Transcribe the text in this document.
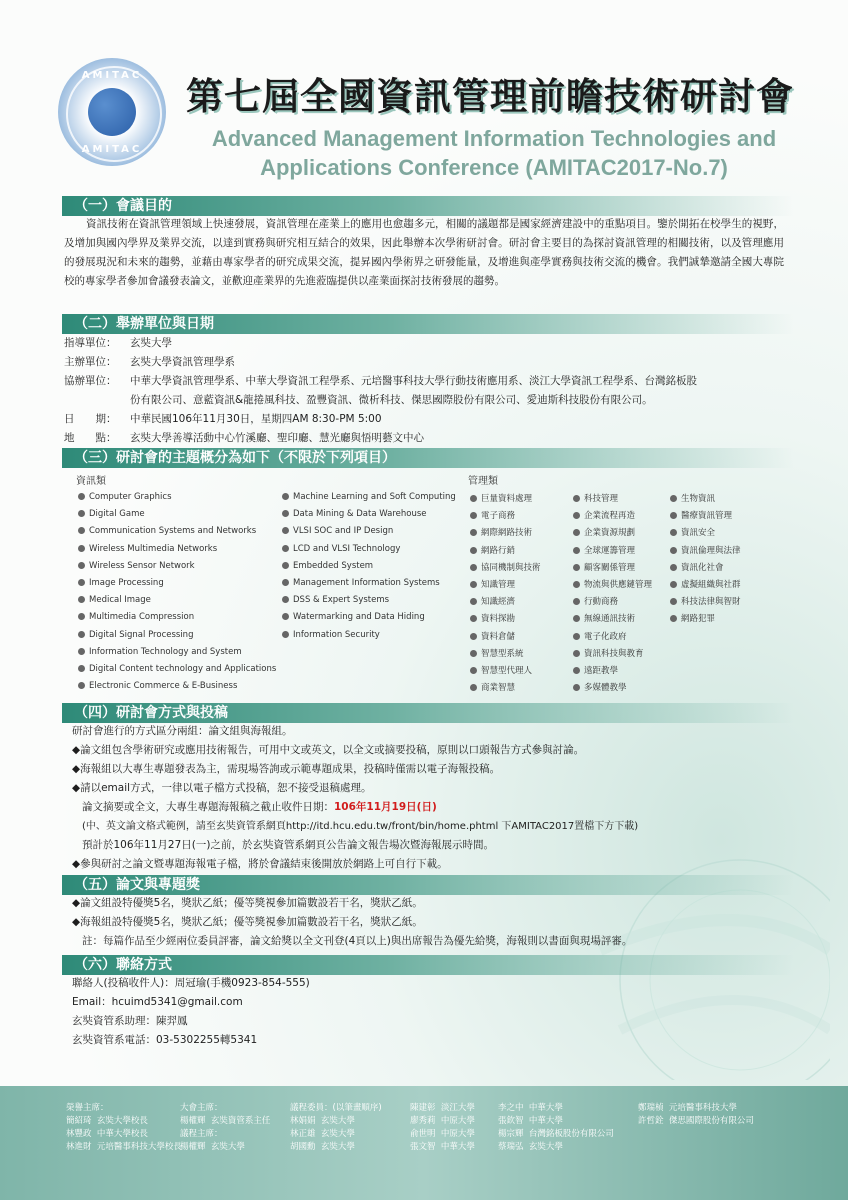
AMITAC
AMITAC
第七屆全國資訊管理前瞻技術研討會
Advanced Management Information Technologies and
Applications Conference (AMITAC2017-No.7)
（一）會議目的
資訊技術在資訊管理領域上快速發展，資訊管理在產業上的應用也愈趨多元，相關的議題都是國家經濟建設中的重點項目。鑒於開拓在校學生的視野，及增加與國內學界及業界交流，以達到實務與研究相互結合的效果，因此舉辦本次學術研討會。研討會主要目的為探討資訊管理的相關技術，以及管理應用的發展現況和未來的趨勢，並藉由專家學者的研究成果交流，提昇國內學術界之研發能量，及增進與產學實務與技術交流的機會。我們誠摯邀請全國大專院校的專家學者參加會議發表論文，並歡迎產業界的先進蒞臨提供以產業面探討技術發展的趨勢。
（二）舉辦單位與日期
指導單位： 玄奘大學
主辦單位： 玄奘大學資訊管理學系
協辦單位： 中華大學資訊管理學系、中華大學資訊工程學系、元培醫事科技大學行動技術應用系、淡江大學資訊工程學系、台灣銘板股
份有限公司、意藍資訊&龍捲風科技、盈豐資訊、微析科技、傑思國際股份有限公司、愛迪斯科技股份有限公司。
日　　期： 中華民國106年11月30日，星期四AM 8:30-PM 5:00
地　　點： 玄奘大學善導活動中心竹溪廳、聖印廳、慧光廳與悟明藝文中心
（三）研討會的主題概分為如下（不限於下列項目）
資訊類	管理類
Computer Graphics
Digital Game
Communication Systems and Networks
Wireless Multimedia Networks
Wireless Sensor Network
Image Processing
Medical Image
Multimedia Compression
Digital Signal Processing
Information Technology and System
Digital Content technology and Applications
Electronic Commerce & E-Business
Machine Learning and Soft Computing
Data Mining & Data Warehouse
VLSI SOC and IP Design
LCD and VLSI Technology
Embedded System
Management Information Systems
DSS & Expert Systems
Watermarking and Data Hiding
Information Security
巨量資料處理
電子商務
網際網路技術
網路行銷
協同機制與技術
知識管理
知識經濟
資料探勘
資料倉儲
智慧型系統
智慧型代理人
商業智慧
科技管理
企業流程再造
企業資源規劃
全球運籌管理
顧客關係管理
物流與供應鏈管理
行動商務
無線通訊技術
電子化政府
資訊科技與教育
遠距教學
多媒體教學
生物資訊
醫療資訊管理
資訊安全
資訊倫理與法律
資訊化社會
虛擬組織與社群
科技法律與智財
網路犯罪
（四）研討會方式與投稿
研討會進行的方式區分兩組：論文組與海報組。
◆論文組包含學術研究或應用技術報告，可用中文或英文，以全文或摘要投稿，原則以口頭報告方式參與討論。
◆海報組以大專生專題發表為主，需現場答詢或示範專題成果，投稿時僅需以電子海報投稿。
◆請以email方式，一律以電子檔方式投稿，恕不接受退稿處理。
論文摘要或全文，大專生專題海報稿之截止收件日期：106年11月19日(日)
(中、英文論文格式範例，請至玄奘資管系網頁http://itd.hcu.edu.tw/front/bin/home.phtml 下AMITAC2017置檔下方下載)
預計於106年11月27日(一)之前，於玄奘資管系網頁公告論文報告場次暨海報展示時間。
◆參與研討之論文暨專題海報電子檔，將於會議結束後開放於網路上可自行下載。
（五）論文與專題獎
◆論文組設特優獎5名，獎狀乙紙；優等獎視參加篇數設若干名，獎狀乙紙。
◆海報組設特優獎5名，獎狀乙紙；優等獎視參加篇數設若干名，獎狀乙紙。
註：每篇作品至少經兩位委員評審，論文給獎以全文刊登(4頁以上)與出席報告為優先給獎，海報則以書面與現場評審。
（六）聯絡方式
聯絡人(投稿收件人)：周冠瑜(手機0923-854-555)
Email：hcuimd5341@gmail.com
玄奘資管系助理：陳羿鳳
玄奘資管系電話：03-5302255轉5341
榮譽主席：
簡紹琦  玄奘大學校長
林豐政  中華大學校長
林進財  元培醫事科技大學校長
大會主席：
楊權輝  玄奘資管系主任
議程主席：
楊權輝  玄奘大學
議程委員：(以筆畫順序)
林娟娟  玄奘大學
林正雄  玄奘大學
胡國勳  玄奘大學
陳建彰  淡江大學
廖秀莉  中原大學
俞世明  中原大學
張文智  中華大學
李之中  中華大學
張欽智  中華大學
楊宗輝  台灣銘板股份有限公司
蔡瑞弘  玄奘大學
鄭瑞楨  元培醫事科技大學
許哲銓  傑思國際股份有限公司
